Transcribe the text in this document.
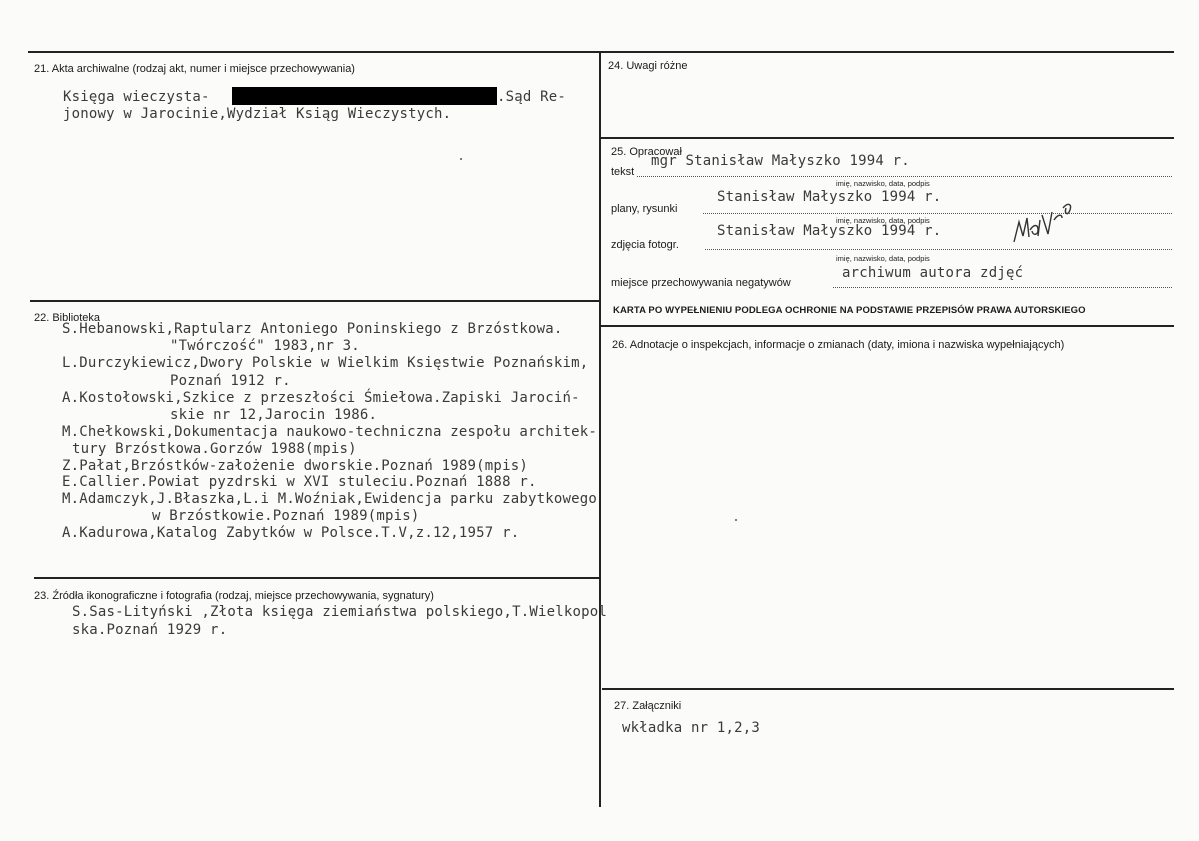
21. Akta archiwalne (rodzaj akt, numer i miejsce przechowywania)
Księga wieczysta-	.Sąd Re-
jonowy w Jarocinie,Wydział Ksiąg Wieczystych.
22. Biblioteka
S.Hebanowski,Raptularz Antoniego Poninskiego z Brzóstkowa.
"Twórczość" 1983,nr 3.
L.Durczykiewicz,Dwory Polskie w Wielkim Księstwie Poznańskim,
Poznań 1912 r.
A.Kostołowski,Szkice z przeszłości Śmiełowa.Zapiski Jarociń-
skie nr 12,Jarocin 1986.
M.Chełkowski,Dokumentacja naukowo-techniczna zespołu architek-
tury Brzóstkowa.Gorzów 1988(mpis)
Z.Pałat,Brzóstków-założenie dworskie.Poznań 1989(mpis)
E.Callier.Powiat pyzdrski w XVI stuleciu.Poznań 1888 r.
M.Adamczyk,J.Błaszka,L.i M.Woźniak,Ewidencja parku zabytkowego
w Brzóstkowie.Poznań 1989(mpis)
A.Kadurowa,Katalog Zabytków w Polsce.T.V,z.12,1957 r.
23. Źródła ikonograficzne i fotografia (rodzaj, miejsce przechowywania, sygnatury)
S.Sas-Lityński ,Złota księga ziemiaństwa polskiego,T.Wielkopol
ska.Poznań 1929 r.
24. Uwagi różne
25. Opracował
tekst
mgr Stanisław Małyszko 1994 r.
imię, nazwisko, data, podpis
plany, rysunki
Stanisław Małyszko 1994 r.
imię, nazwisko, data, podpis
zdjęcia fotogr.
Stanisław Małyszko 1994 r.
imię, nazwisko, data, podpis
miejsce przechowywania negatywów
archiwum autora zdjęć
KARTA PO WYPEŁNIENIU PODLEGA OCHRONIE NA PODSTAWIE PRZEPISÓW PRAWA AUTORSKIEGO
26. Adnotacje o inspekcjach, informacje o zmianach (daty, imiona i nazwiska wypełniających)
27. Załączniki
wkładka nr 1,2,3
